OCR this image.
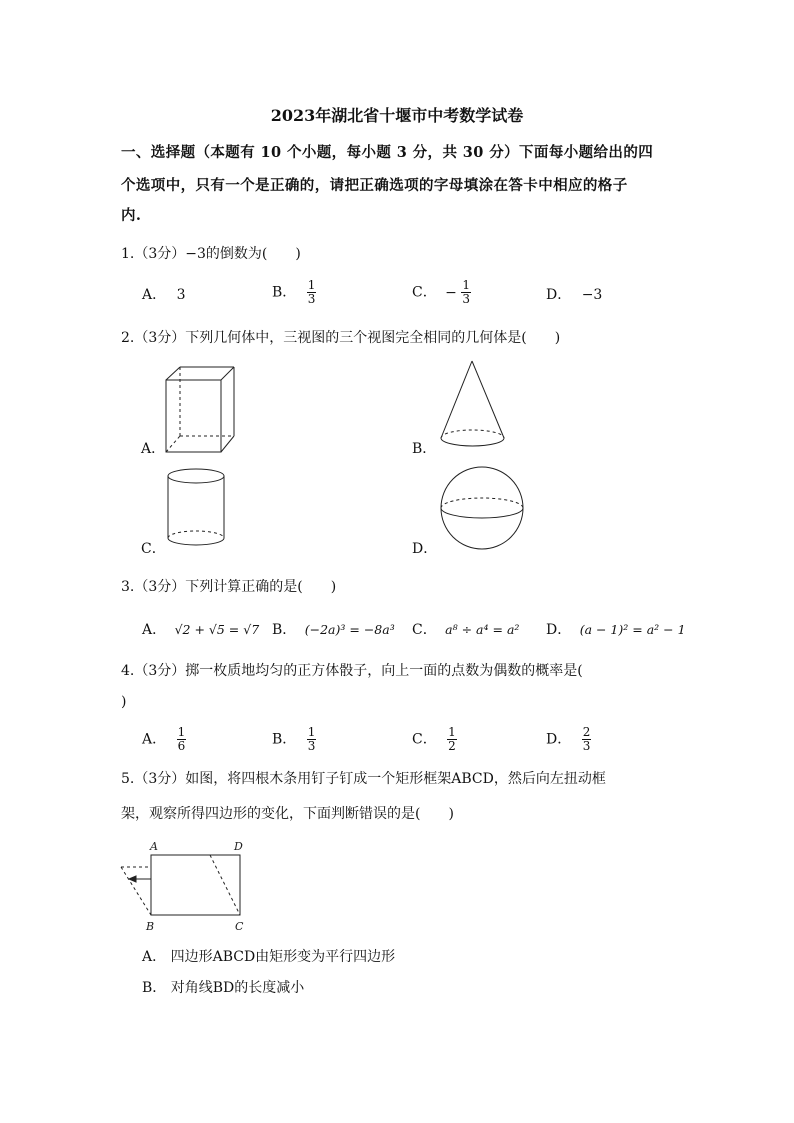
2023年湖北省十堰市中考数学试卷
一、选择题（本题有 10 个小题，每小题 3 分，共 30 分）下面每小题给出的四
个选项中，只有一个是正确的，请把正确选项的字母填涂在答卡中相应的格子
内.
1.（3分）−3的倒数为(　　)
A． 3	B． $\frac{1}{3}$	C． − $\frac{1}{3}$	D． −3
2.（3分）下列几何体中，三视图的三个视图完全相同的几何体是(　　)
A．	B．
C．	D．
3.（3分）下列计算正确的是(　　)
A． √2 + √5 = √7 B． (−2a)³ = −8a³ C． a⁸ ÷ a⁴ = a² D． (a − 1)² = a² − 1
4.（3分）掷一枚质地均匀的正方体骰子，向上一面的点数为偶数的概率是(
)
A． $\frac{1}{6}$	B． $\frac{1}{3}$	C． $\frac{1}{2}$	D． $\frac{2}{3}$
5.（3分）如图，将四根木条用钉子钉成一个矩形框架ABCD，然后向左扭动框
架，观察所得四边形的变化，下面判断错误的是(　　)
A	D
B	C
A． 四边形ABCD由矩形变为平行四边形
B． 对角线BD的长度减小
